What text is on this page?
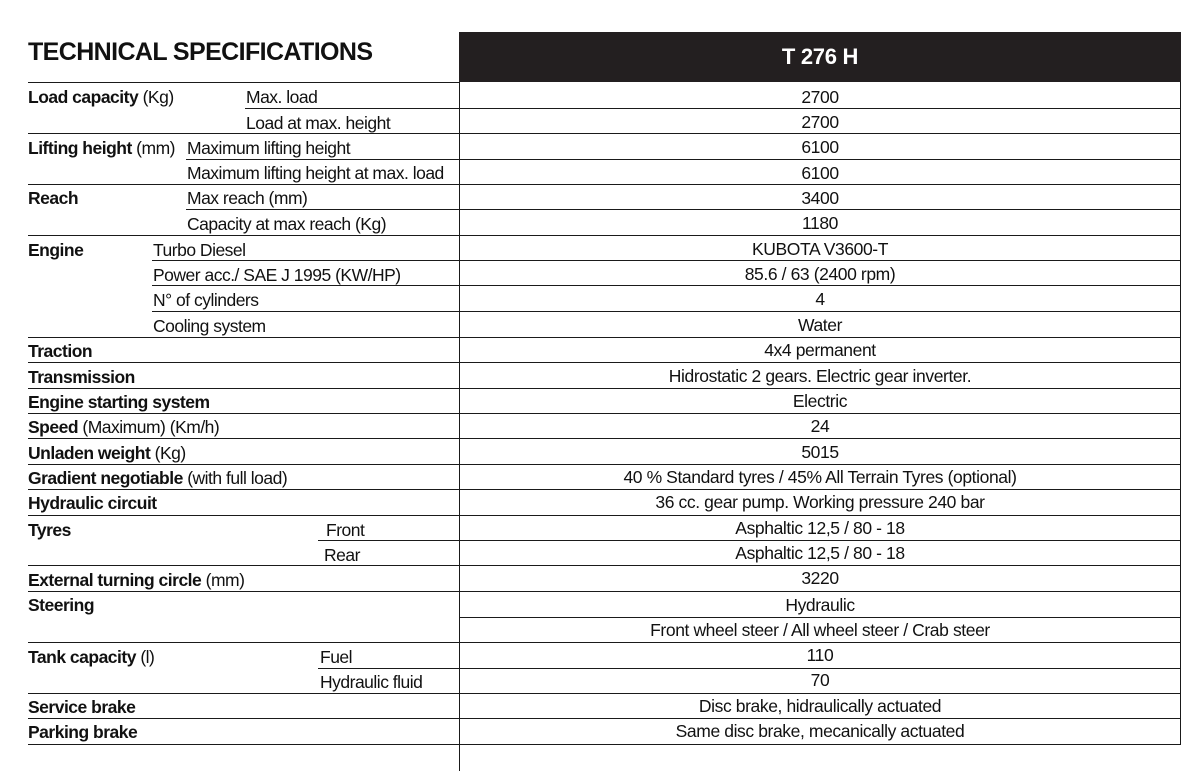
TECHNICAL SPECIFICATIONS	T 276 H
Load capacity (Kg)	Max. load	2700
Load at max. height	2700
Lifting height (mm) Maximum lifting height	6100
Maximum lifting height at max. load	6100
Reach	Max reach (mm)	3400
Capacity at max reach (Kg)	1180
Engine	Turbo Diesel	KUBOTA V3600-T
Power acc./ SAE J 1995 (KW/HP)	85.6 / 63 (2400 rpm)
N° of cylinders	4
Cooling system	Water
Traction	4x4 permanent
Transmission	Hidrostatic 2 gears. Electric gear inverter.
Engine starting system	Electric
Speed (Maximum) (Km/h)	24
Unladen weight (Kg)	5015
Gradient negotiable (with full load)	40 % Standard tyres / 45% All Terrain Tyres (optional)
Hydraulic circuit	36 cc. gear pump. Working pressure 240 bar
Tyres	Front	Asphaltic 12,5 / 80 - 18
Rear	Asphaltic 12,5 / 80 - 18
External turning circle (mm)	3220
Steering	Hydraulic
Front wheel steer / All wheel steer / Crab steer
Tank capacity (l)	Fuel	110
Hydraulic fluid	70
Service brake	Disc brake, hidraulically actuated
Parking brake	Same disc brake, mecanically actuated
